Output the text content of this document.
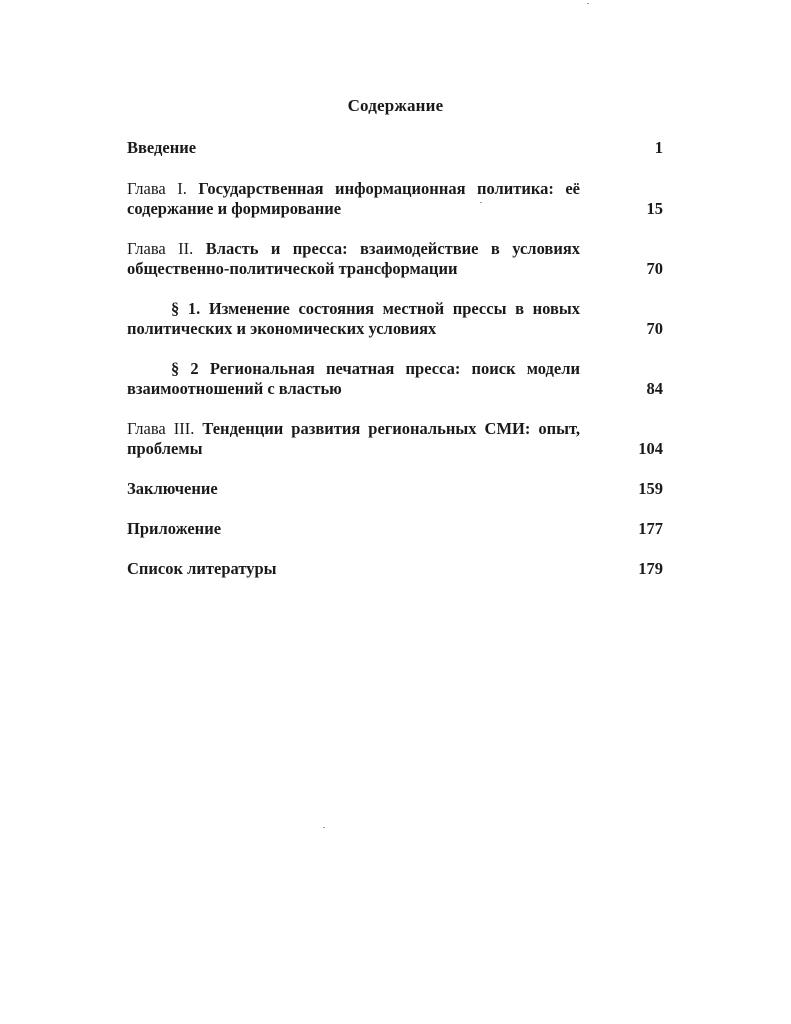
Содержание
Введение	1
Глава I. Государственная информационная политика: её содержание и формирование	15
Глава II. Власть и пресса: взаимодействие в условиях общественно-политической трансформации	70
§ 1. Изменение состояния местной прессы в новых политических и экономических условиях	70
§ 2 Региональная печатная пресса: поиск модели взаимоотношений с властью	84
Глава III. Тенденции развития региональных СМИ: опыт, проблемы	104
Заключение	159
Приложение	177
Список литературы	179
